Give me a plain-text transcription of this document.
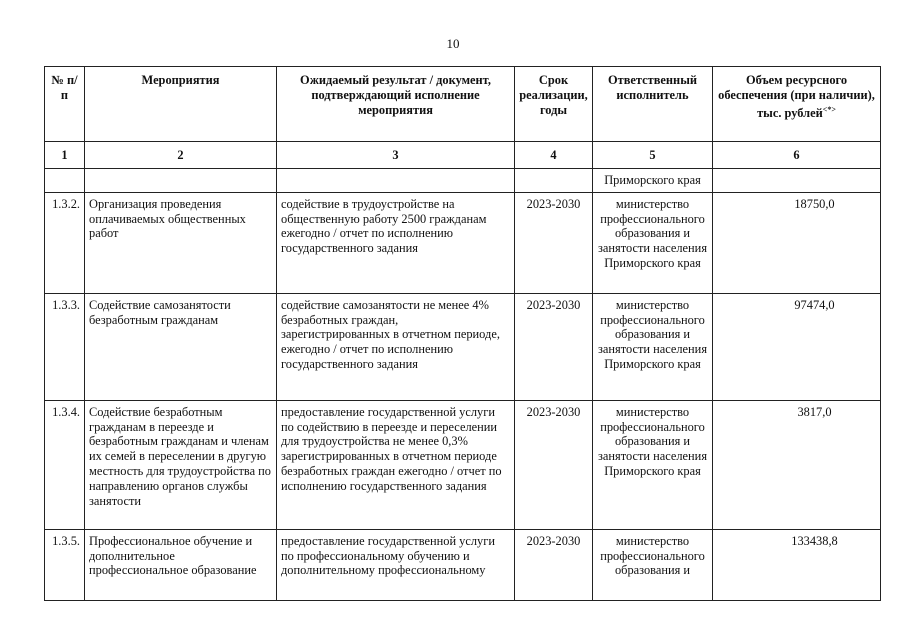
10
№ п/п	Мероприятия	Ожидаемый результат / документ, подтверждающий исполнение мероприятия	Срок реализации, годы	Ответственный исполнитель	Объем ресурсного обеспечения (при наличии), тыс. рублей<*>
1	2	3	4	5	6
				Приморского края	
1.3.2.	Организация проведения оплачиваемых общественных работ	содействие в трудоустройстве на общественную работу 2500 гражданам ежегодно / отчет по исполнению государственного задания	2023-2030	министерство профессионального образования и занятости населения Приморского края	18750,0
1.3.3.	Содействие самозанятости безработным гражданам	содействие самозанятости не менее 4% безработных граждан, зарегистрированных в отчетном периоде, ежегодно / отчет по исполнению государственного задания	2023-2030	министерство профессионального образования и занятости населения Приморского края	97474,0
1.3.4.	Содействие безработным гражданам в переезде и безработным гражданам и членам их семей в переселении в другую местность для трудоустройства по направлению органов службы занятости	предоставление государственной услуги по содействию в переезде и переселении для трудоустройства не менее 0,3% зарегистрированных в отчетном периоде безработных граждан ежегодно / отчет по исполнению государственного задания	2023-2030	министерство профессионального образования и занятости населения Приморского края	3817,0
1.3.5.	Профессиональное обучение и дополнительное профессиональное образование	предоставление государственной услуги по профессиональному обучению и дополнительному профессиональному	2023-2030	министерство профессионального образования и	133438,8
